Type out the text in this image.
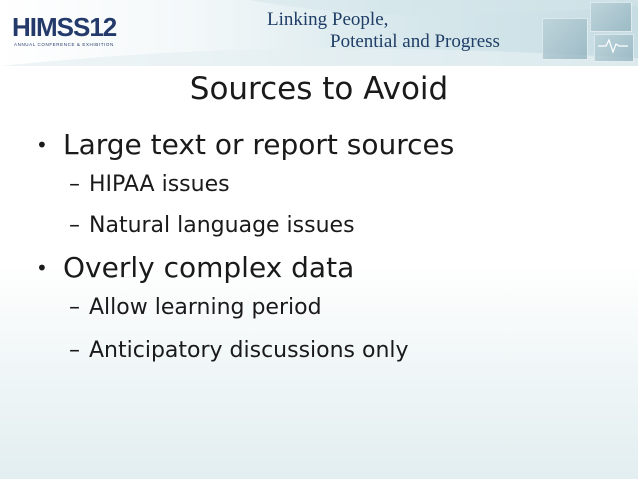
HIMSS12
ANNUAL CONFERENCE & EXHIBITION
Linking People,
Potential and Progress
Sources to Avoid
• Large text or report sources
– HIPAA issues
– Natural language issues
• Overly complex data
– Allow learning period
– Anticipatory discussions only
